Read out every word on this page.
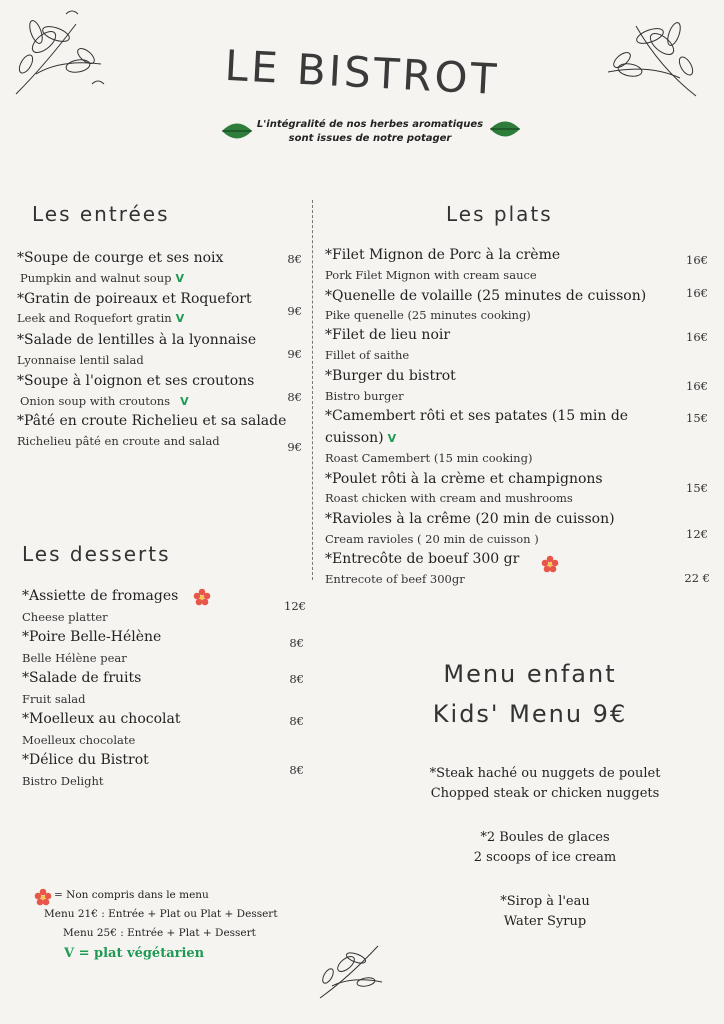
LE BISTROT
L'intégralité de nos herbes aromatiques
sont issues de notre potager
Les entrées
*Soupe de courge et ses noix
Pumpkin and walnut soup V
8€
*Gratin de poireaux et Roquefort
Leek and Roquefort gratin V
9€
*Salade de lentilles à la lyonnaise
Lyonnaise lentil salad	9€
*Soupe à l'oignon et ses croutons
Onion soup with croutons V	8€
*Pâté en croute Richelieu et sa salade
Richelieu pâté en croute and salad	9€
Les plats
*Filet Mignon de Porc à la crème
Pork Filet Mignon with cream sauce
16€
*Quenelle de volaille (25 minutes de cuisson)
Pike quenelle (25 minutes cooking)
16€
*Filet de lieu noir
Fillet of saithe
16€
*Burger du bistrot
Bistro burger
16€
*Camembert rôti et ses patates (15 min de
cuisson) V
Roast Camembert (15 min cooking)
15€
*Poulet rôti à la crème et champignons
Roast chicken with cream and mushrooms
15€
*Ravioles à la crême (20 min de cuisson)
Cream ravioles ( 20 min de cuisson )	12€
*Entrecôte de boeuf 300 gr
Entrecote of beef 300gr	22 €
Les desserts
*Assiette de fromages
Cheese platter
12€
*Poire Belle-Hélène
Belle Hélène pear
8€
*Salade de fruits
Fruit salad
8€
*Moelleux au chocolat
Moelleux chocolate
8€
*Délice du Bistrot
Bistro Delight
8€
Menu enfant
Kids' Menu 9€
*Steak haché ou nuggets de poulet
Chopped steak or chicken nuggets
*2 Boules de glaces
2 scoops of ice cream
*Sirop à l'eau
Water Syrup
= Non compris dans le menu
Menu 21€ : Entrée + Plat ou Plat + Dessert
Menu 25€ : Entrée + Plat + Dessert
V = plat végétarien
